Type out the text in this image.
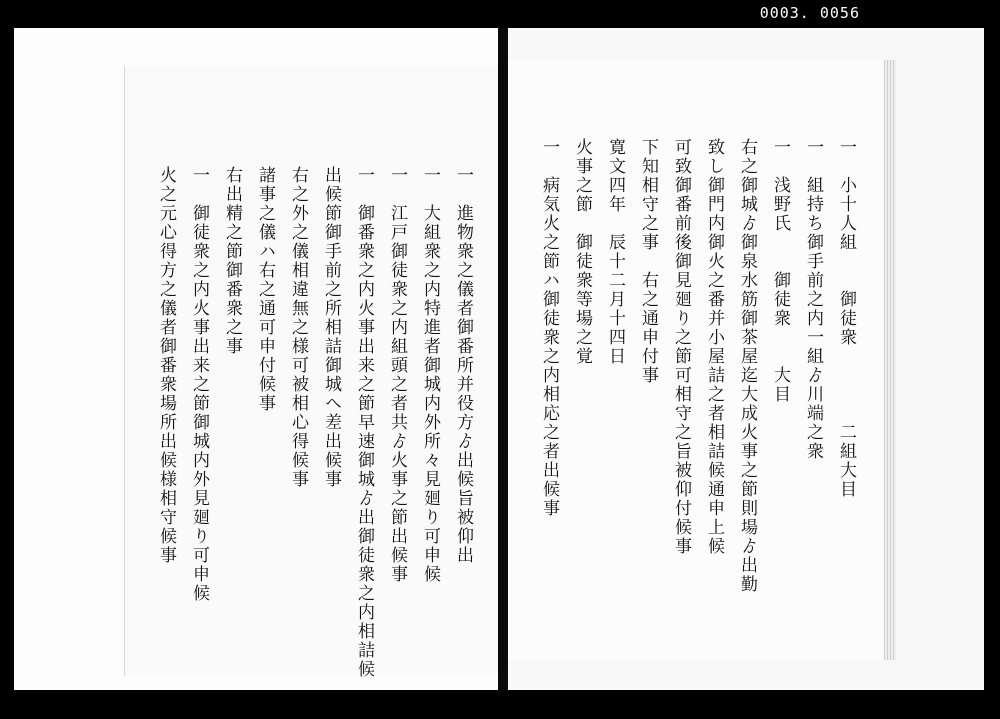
0003. 0056
一　進物衆之儀者御番所并役方ゟ出候旨被仰出
一　大組衆之内特進者御城内外所々見廻り可申候
一　江戸御徒衆之内組頭之者共ゟ火事之節出候事
一　御番衆之内火事出来之節早速御城ゟ出御徒衆之内相詰候
出候節御手前之所相詰御城へ差出候事
右之外之儀相違無之様可被相心得候事
諸事之儀ハ右之通可申付候事
右出精之節御番衆之事
一　御徒衆之内火事出来之節御城内外見廻り可申候
火之元心得方之儀者御番衆場所出候様相守候事	一　小十人組　　御徒衆　　　　二組大目
一　組持ち御手前之内一組ゟ川端之衆
一　浅野氏　　御徒衆　　大目
右之御城ゟ御泉水筋御茶屋迄大成火事之節則場ゟ出勤
致し御門内御火之番并小屋詰之者相詰候通申上候
可致御番前後御見廻り之節可相守之旨被仰付候事
下知相守之事　右之通申付事
寛文四年　辰十二月十四日
火事之節　御徒衆等場之覚
一　病気火之節ハ御徒衆之内相応之者出候事
